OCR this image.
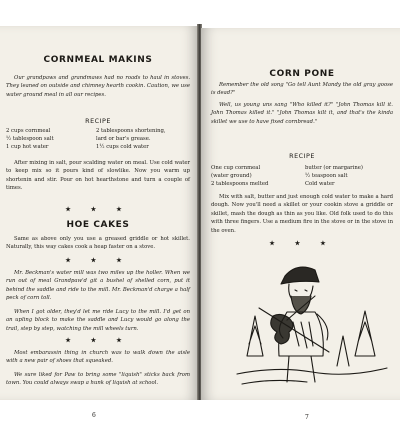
CORNMEAL MAKINS

Our grandpaws and grandmaws had no roads to haul in stoves. They leaned on outside and chimney hearth cookin. Caution, we use water ground meal in all our recipes.

RECIPE
2 cups cornmeal	2 tablespoons shortening,
½ tablespoon salt	lard or bar's grease.
1 cup hot water	1½ cups cold water

After mixing in salt, pour scalding water on meal. Use cold water to keep mix so it pours kind of slowlike. Now you warm up shortenin and stir. Pour on hot hearthstone and turn a couple of times.

★ ★ ★
HOE CAKES

Same as above only you use a greased griddle or hot skillet. Naturally, this way cakes cook a heap faster on a stove.

★ ★ ★

Mr. Beckman's water mill was two miles up the holler. When we run out of meal Grandpaw'd git a bushel of shelled corn, put it behind the saddle and ride to the mill. Mr. Beckman'd charge a half peck of corn toll.

When I got older, they'd let me ride Lucy to the mill. I'd get on an upling block to make the saddle and Lucy would go along the trail, step by step, watching the mill wheels turn.

★ ★ ★

Most embarassin thing in church was to walk down the aisle with a new pair of shoes that squeaked.

We sure liked for Paw to bring some "liquish" sticks back from town. You could always swap a hunk of liquish at school.

6
CORN PONE

Remember the old song "Go tell Aunt Mandy the old gray goose is dead?"

Well, us young uns sang "Who killed it?" "John Thomas kill it. John Thomas killed it." "John Thomas kilt it, and that's the kinda skillet we use to have fixed cornbread."

RECIPE
One cup cornmeal	butter (or margarine)
(water ground)	½ teaspoon salt
2 tablespoons melted	Cold water

Mix with salt, butter and just enough cold water to make a hard dough. Now you'll need a skillet or your cookin stove a griddle or skillet, mash the dough as thin as you like. Old folk used to do this with three fingers. Use a medium fire in the stove or in the stove in the oven.

★ ★ ★
7
